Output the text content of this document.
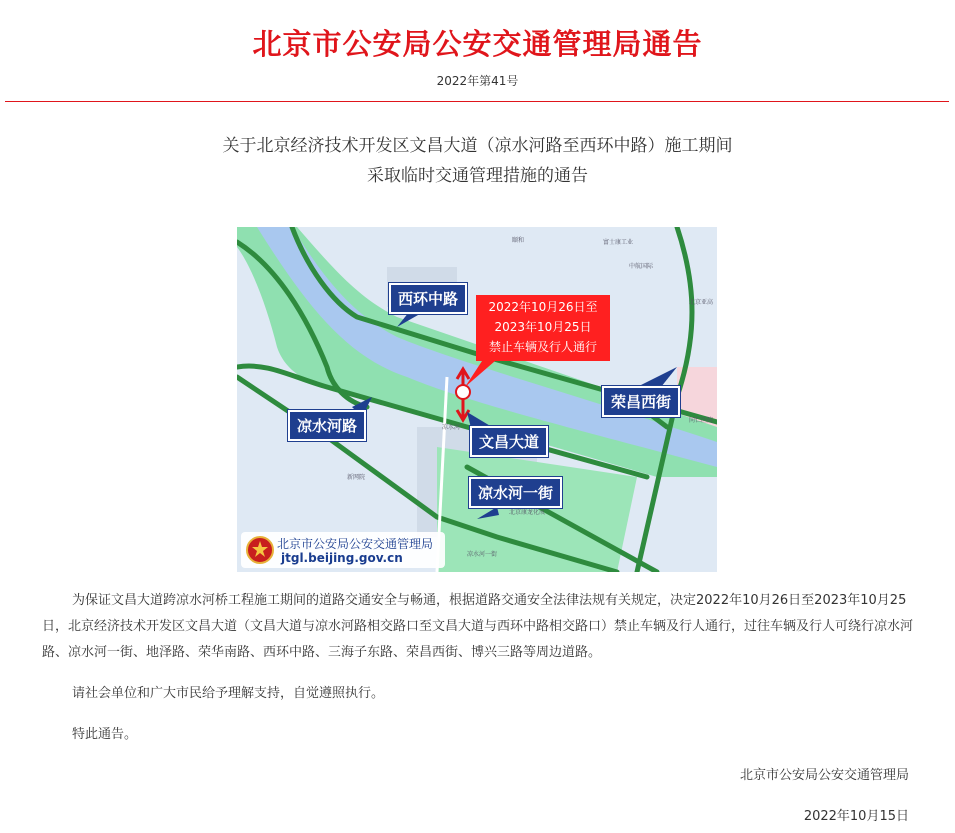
北京市公安局公安交通管理局通告
2022年第41号
关于北京经济技术开发区文昌大道（凉水河路至西环中路）施工期间
采取临时交通管理措施的通告
富士康工业
中航国际
北京亚高
同仁医院
凉水河
新网院
凉水河一街
颐和
北京康龙化成
西环中路
凉水河路
文昌大道
荣昌西街
凉水河一街
2022年10月26日至
2023年10月25日
禁止车辆及行人通行
北京市公安局公安交通管理局
jtgl.beijing.gov.cn
为保证文昌大道跨凉水河桥工程施工期间的道路交通安全与畅通，根据道路交通安全法律法规有关规定，决定2022年10月26日至2023年10月25日，北京经济技术开发区文昌大道（文昌大道与凉水河路相交路口至文昌大道与西环中路相交路口）禁止车辆及行人通行，过往车辆及行人可绕行凉水河路、凉水河一街、地泽路、荣华南路、西环中路、三海子东路、荣昌西街、博兴三路等周边道路。
请社会单位和广大市民给予理解支持，自觉遵照执行。
特此通告。
北京市公安局公安交通管理局
2022年10月15日
